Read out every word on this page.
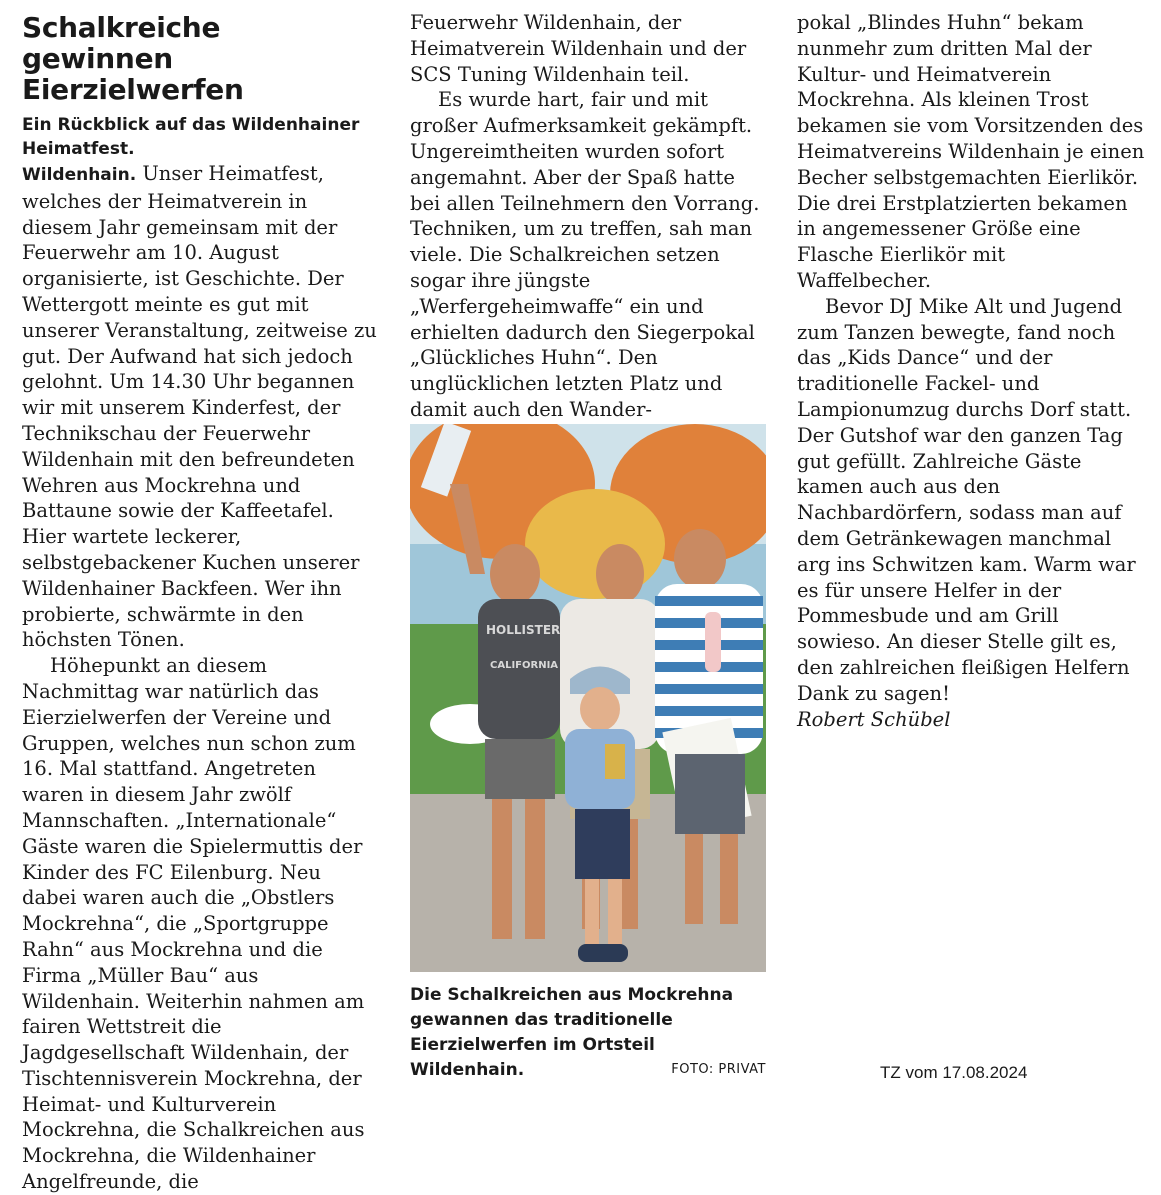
Schalkreiche gewinnen Eierzielwerfen
Ein Rückblick auf das Wildenhainer Heimatfest.

Wildenhain. Unser Heimatfest, welches der Heimatverein in diesem Jahr gemeinsam mit der Feuerwehr am 10. August organisierte, ist Geschichte. Der Wettergott meinte es gut mit unserer Veranstaltung, zeitweise zu gut. Der Aufwand hat sich jedoch gelohnt. Um 14.30 Uhr begannen wir mit unserem Kinderfest, der Technikschau der Feuerwehr Wildenhain mit den befreundeten Wehren aus Mockrehna und Battaune sowie der Kaffeetafel. Hier wartete leckerer, selbstgebackener Kuchen unserer Wildenhainer Backfeen. Wer ihn probierte, schwärmte in den höchsten Tönen.

Höhepunkt an diesem Nachmittag war natürlich das Eierzielwerfen der Vereine und Gruppen, welches nun schon zum 16. Mal stattfand. Angetreten waren in diesem Jahr zwölf Mannschaften. „Internationale“ Gäste waren die Spielermuttis der Kinder des FC Eilenburg. Neu dabei waren auch die „Obstlers Mockrehna“, die „Sportgruppe Rahn“ aus Mockrehna und die Firma „Müller Bau“ aus Wildenhain. Weiterhin nahmen am fairen Wettstreit die Jagdgesellschaft Wildenhain, der Tischtennisverein Mockrehna, der Heimat- und Kulturverein Mockrehna, die Schalkreichen aus Mockrehna, die Wildenhainer Angelfreunde, die

Feuerwehr Wildenhain, der Heimatverein Wildenhain und der SCS Tuning Wildenhain teil.

Es wurde hart, fair und mit großer Aufmerksamkeit gekämpft. Ungereimtheiten wurden sofort angemahnt. Aber der Spaß hatte bei allen Teilnehmern den Vorrang. Techniken, um zu treffen, sah man viele. Die Schalkreichen setzen sogar ihre jüngste „Werfergeheimwaffe“ ein und erhielten dadurch den Siegerpokal „Glückliches Huhn“. Den unglücklichen letzten Platz und damit auch den Wander-

HOLLISTER
CALIFORNIA
Die Schalkreichen aus Mockrehna gewannen das traditionelle Eierzielwerfen im Ortsteil Wildenhain.	FOTO: PRIVAT

pokal „Blindes Huhn“ bekam nunmehr zum dritten Mal der Kultur- und Heimatverein Mockrehna. Als kleinen Trost bekamen sie vom Vorsitzenden des Heimatvereins Wildenhain je einen Becher selbstgemachten Eierlikör. Die drei Erstplatzierten bekamen in angemessener Größe eine Flasche Eierlikör mit Waffelbecher.

Bevor DJ Mike Alt und Jugend zum Tanzen bewegte, fand noch das „Kids Dance“ und der traditionelle Fackel- und Lampionumzug durchs Dorf statt. Der Gutshof war den ganzen Tag gut gefüllt. Zahlreiche Gäste kamen auch aus den Nachbardörfern, sodass man auf dem Getränkewagen manchmal arg ins Schwitzen kam. Warm war es für unsere Helfer in der Pommesbude und am Grill sowieso. An dieser Stelle gilt es, den zahlreichen fleißigen Helfern Dank zu sagen!

Robert Schübel

TZ vom 17.08.2024
